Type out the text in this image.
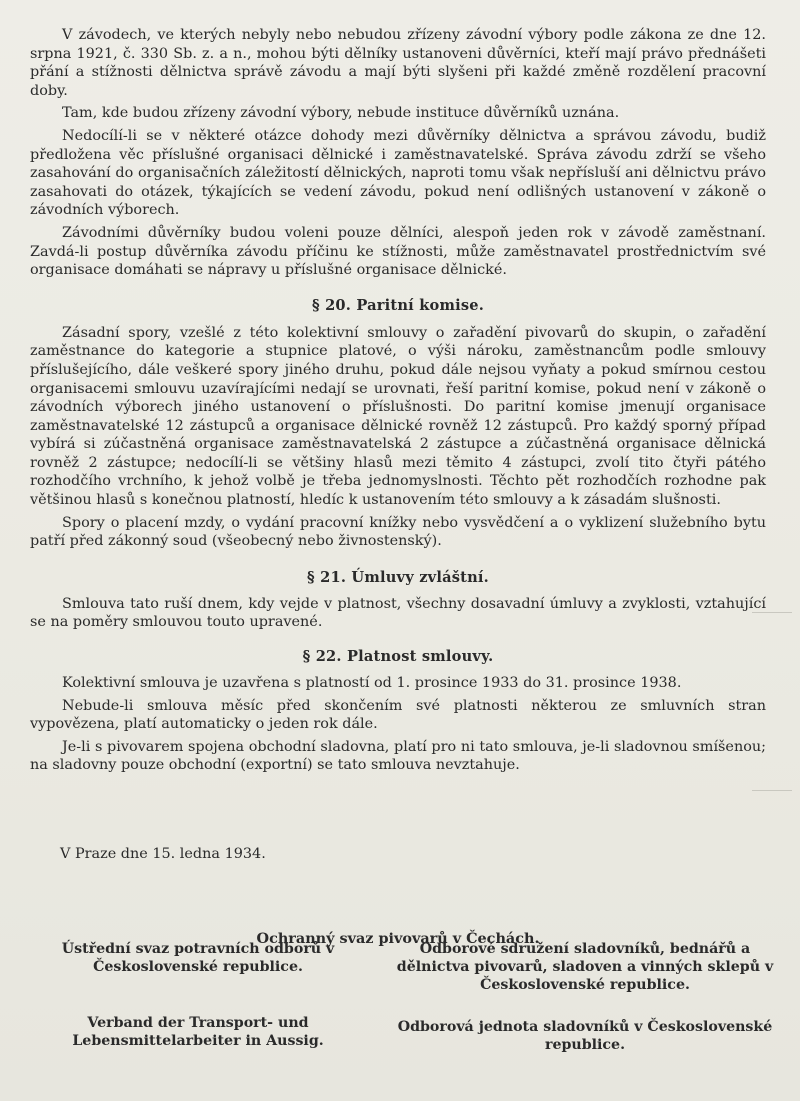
V závodech, ve kterých nebyly nebo nebudou zřízeny závodní výbory podle zákona ze dne 12. srpna 1921, č. 330 Sb. z. a n., mohou býti dělníky ustanoveni důvěrníci, kteří mají právo přednášeti přání a stížnosti dělnictva správě závodu a mají býti slyšeni při každé změně rozdělení pracovní doby.

Tam, kde budou zřízeny závodní výbory, nebude instituce důvěrníků uznána.

Nedocílí-li se v některé otázce dohody mezi důvěrníky dělnictva a správou závodu, budiž předložena věc příslušné organisaci dělnické i zaměstnavatelské. Správa závodu zdrží se všeho zasahování do organisačních záležitostí dělnických, naproti tomu však nepřísluší ani dělnictvu právo zasahovati do otázek, týkajících se vedení závodu, pokud není odlišných ustanovení v zákoně o závodních výborech.

Závodními důvěrníky budou voleni pouze dělníci, alespoň jeden rok v závodě zaměstnaní. Zavdá-li postup důvěrníka závodu příčinu ke stížnosti, může zaměstnavatel prostřednictvím své organisace domáhati se nápravy u příslušné organisace dělnické.

§ 20. Paritní komise.

Zásadní spory, vzešlé z této kolektivní smlouvy o zařadění pivovarů do skupin, o zařadění zaměstnance do kategorie a stupnice platové, o výši nároku, zaměstnancům podle smlouvy příslušejícího, dále veškeré spory jiného druhu, pokud dále nejsou vyňaty a pokud smírnou cestou organisacemi smlouvu uzavírajícími nedají se urovnati, řeší paritní komise, pokud není v zákoně o závodních výborech jiného ustanovení o příslušnosti. Do paritní komise jmenují organisace zaměstnavatelské 12 zástupců a organisace dělnické rovněž 12 zástupců. Pro každý sporný případ vybírá si zúčastněná organisace zaměstnavatelská 2 zástupce a zúčastněná organisace dělnická rovněž 2 zástupce; nedocílí-li se většiny hlasů mezi těmito 4 zástupci, zvolí tito čtyři pátého rozhodčího vrchního, k jehož volbě je třeba jednomyslnosti. Těchto pět rozhodčích rozhodne pak většinou hlasů s konečnou platností, hledíc k ustanovením této smlouvy a k zásadám slušnosti.

Spory o placení mzdy, o vydání pracovní knížky nebo vysvědčení a o vyklizení služebního bytu patří před zákonný soud (všeobecný nebo živnostenský).

§ 21. Úmluvy zvláštní.

Smlouva tato ruší dnem, kdy vejde v platnost, všechny dosavadní úmluvy a zvyklosti, vztahující se na poměry smlouvou touto upravené.

§ 22. Platnost smlouvy.

Kolektivní smlouva je uzavřena s platností od 1. prosince 1933 do 31. prosince 1938.

Nebude-li smlouva měsíc před skončením své platnosti některou ze smluvních stran vypovězena, platí automaticky o jeden rok dále.

Je-li s pivovarem spojena obchodní sladovna, platí pro ni tato smlouva, je-li sladovnou smíšenou; na sladovny pouze obchodní (exportní) se tato smlouva nevztahuje.

V Praze dne 15. ledna 1934.

Ochranný svaz pivovarů v Čechách.

Ústřední svaz potravních odborů v Československé republice.
Odborové sdružení sladovníků, bednářů a dělnictva pivovarů, sladoven a vinných sklepů v Československé republice.
Verband der Transport- und Lebensmittelarbeiter in Aussig.
Odborová jednota sladovníků v Československé republice.
